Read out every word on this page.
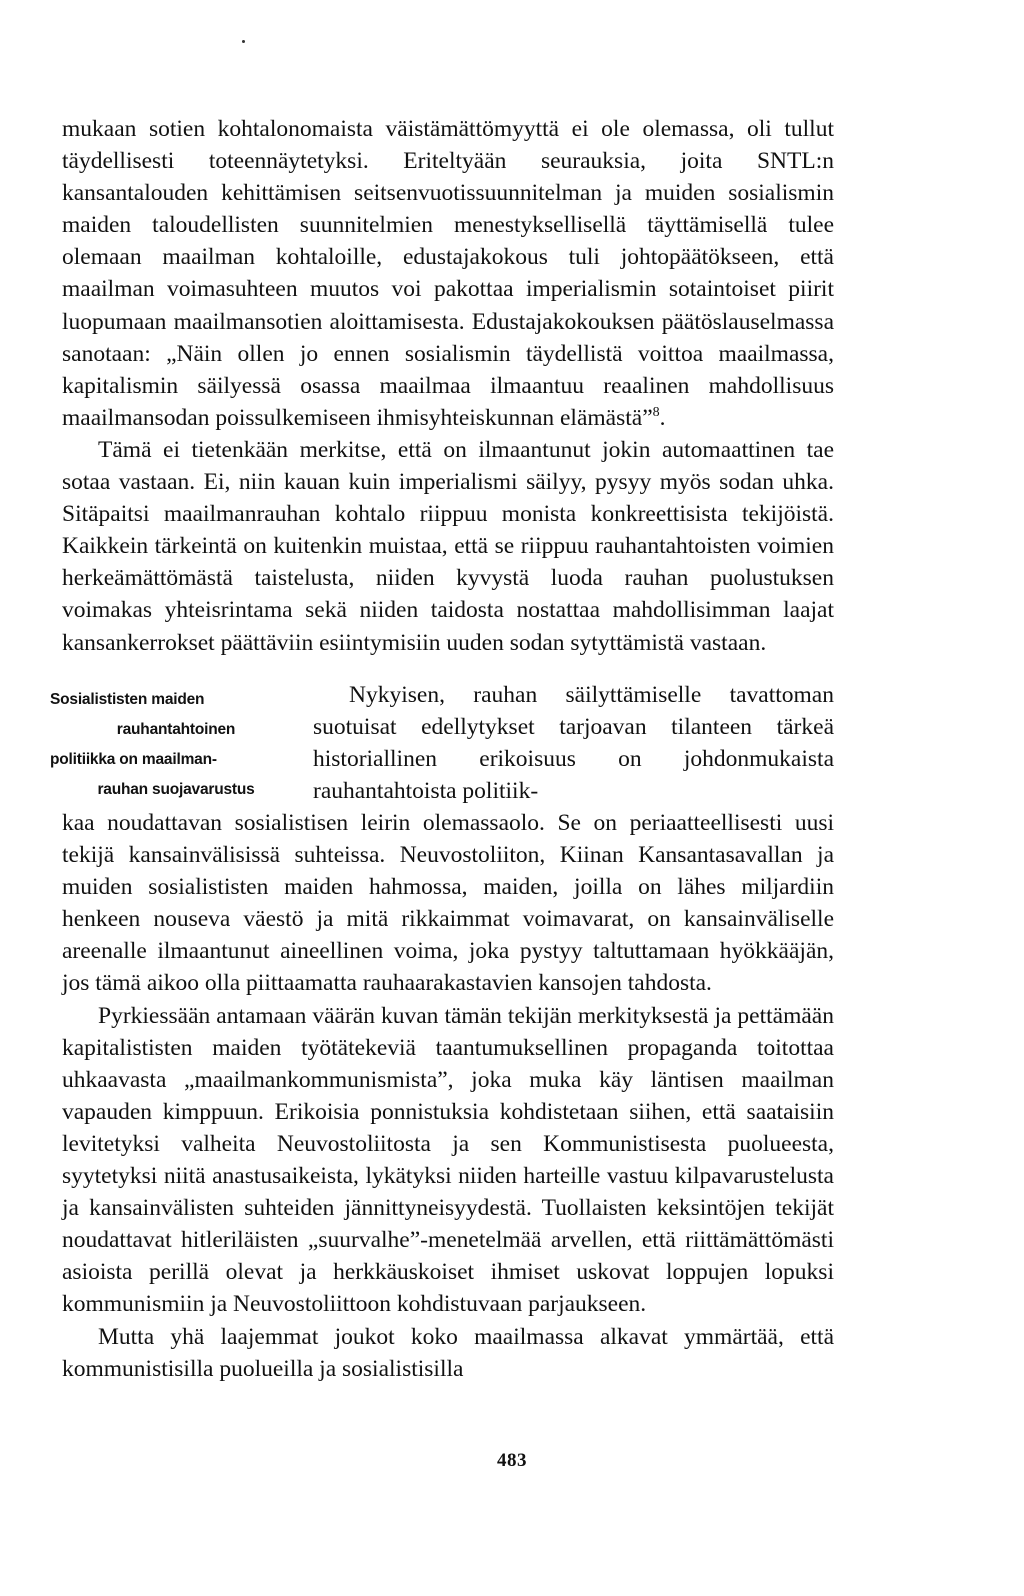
mukaan sotien kohtalonomaista väistämättömyyttä ei ole olemassa, oli tullut täydellisesti toteennäytetyksi. Eriteltyään seurauksia, joita SNTL:n kansantalouden kehittämisen seitsenvuotissuunnitelman ja muiden sosialismin maiden taloudellisten suunnitelmien menestyksellisellä täyttämisellä tulee olemaan maailman kohtaloille, edustajakokous tuli johtopäätökseen, että maailman voimasuhteen muutos voi pakottaa imperialismin sotaintoiset piirit luopumaan maailmansotien aloittamisesta. Edustajakokouksen päätöslauselmassa sanotaan: „Näin ollen jo ennen sosialismin täydellistä voittoa maailmassa, kapitalismin säilyessä osassa maailmaa ilmaantuu reaalinen mahdollisuus maailmansodan poissulkemiseen ihmisyhteiskunnan elämästä”$^8$.

Tämä ei tietenkään merkitse, että on ilmaantunut jokin automaattinen tae sotaa vastaan. Ei, niin kauan kuin imperialismi säilyy, pysyy myös sodan uhka. Sitäpaitsi maailmanrauhan kohtalo riippuu monista konkreettisista tekijöistä. Kaikkein tärkeintä on kuitenkin muistaa, että se riippuu rauhantahtoisten voimien herkeämättömästä taistelusta, niiden kyvystä luoda rauhan puolustuksen voimakas yhteisrintama sekä niiden taidosta nostattaa mahdollisimman laajat kansankerrokset päättäviin esiintymisiin uuden sodan sytyttämistä vastaan.

Sosialististen maiden
rauhantahtoinen
politiikka on maailman-
rauhan suojavarustus

Nykyisen, rauhan säilyttämiselle tavattoman suotuisat edellytykset tarjoavan tilanteen tärkeä historiallinen erikoisuus on johdonmukaista rauhantahtoista politiik-

kaa noudattavan sosialistisen leirin olemassaolo. Se on periaatteellisesti uusi tekijä kansainvälisissä suhteissa. Neuvostoliiton, Kiinan Kansantasavallan ja muiden sosialististen maiden hahmossa, maiden, joilla on lähes miljardiin henkeen nouseva väestö ja mitä rikkaimmat voimavarat, on kansainväliselle areenalle ilmaantunut aineellinen voima, joka pystyy taltuttamaan hyökkääjän, jos tämä aikoo olla piittaamatta rauhaarakastavien kansojen tahdosta.

Pyrkiessään antamaan väärän kuvan tämän tekijän merkityksestä ja pettämään kapitalististen maiden työtätekeviä taantumuksellinen propaganda toitottaa uhkaavasta „maailmankommunismista”, joka muka käy läntisen maailman vapauden kimppuun. Erikoisia ponnistuksia kohdistetaan siihen, että saataisiin levitetyksi valheita Neuvostoliitosta ja sen Kommunistisesta puolueesta, syytetyksi niitä anastusaikeista, lykätyksi niiden harteille vastuu kilpavarustelusta ja kansainvälisten suhteiden jännittyneisyydestä. Tuollaisten keksintöjen tekijät noudattavat hitleriläisten „suurvalhe”-menetelmää arvellen, että riittämättömästi asioista perillä olevat ja herkkäuskoiset ihmiset uskovat loppujen lopuksi kommunismiin ja Neuvostoliittoon kohdistuvaan parjaukseen.

Mutta yhä laajemmat joukot koko maailmassa alkavat ymmärtää, että kommunistisilla puolueilla ja sosialistisilla

483
